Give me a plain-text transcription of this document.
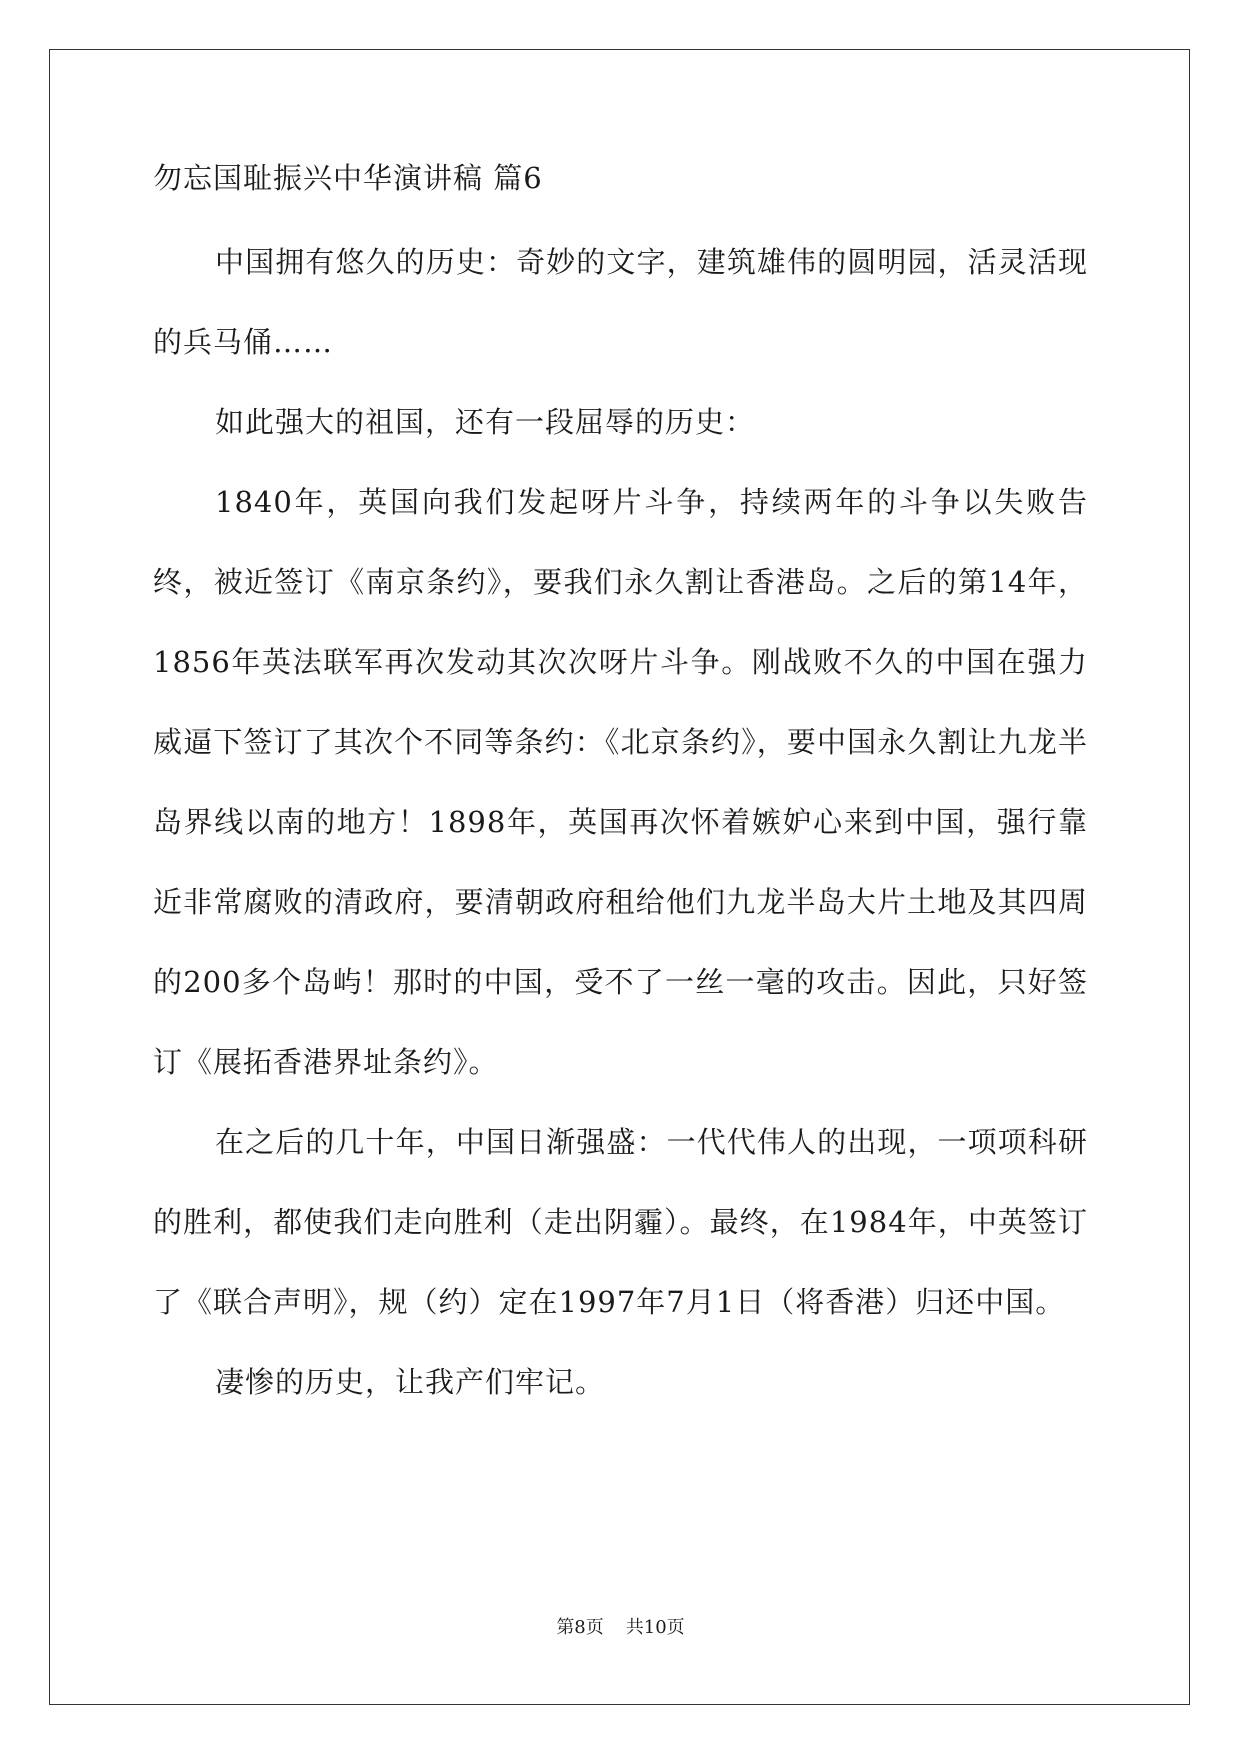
勿忘国耻振兴中华演讲稿 篇6

中国拥有悠久的历史：奇妙的文字，建筑雄伟的圆明园，活灵活现的兵马俑……

如此强大的祖国，还有一段屈辱的历史：

1840年，英国向我们发起呀片斗争，持续两年的斗争以失败告终，被近签订《南京条约》，要我们永久割让香港岛。之后的第14年，1856年英法联军再次发动其次次呀片斗争。刚战败不久的中国在强力威逼下签订了其次个不同等条约：《北京条约》，要中国永久割让九龙半岛界线以南的地方！1898年，英国再次怀着嫉妒心来到中国，强行靠近非常腐败的清政府，要清朝政府租给他们九龙半岛大片土地及其四周的200多个岛屿！那时的中国，受不了一丝一毫的攻击。因此，只好签订《展拓香港界址条约》。

在之后的几十年，中国日渐强盛：一代代伟人的出现，一项项科研的胜利，都使我们走向胜利（走出阴霾）。最终，在1984年，中英签订了《联合声明》，规（约）定在1997年7月1日（将香港）归还中国。

凄惨的历史，让我产们牢记。

第8页 共10页
